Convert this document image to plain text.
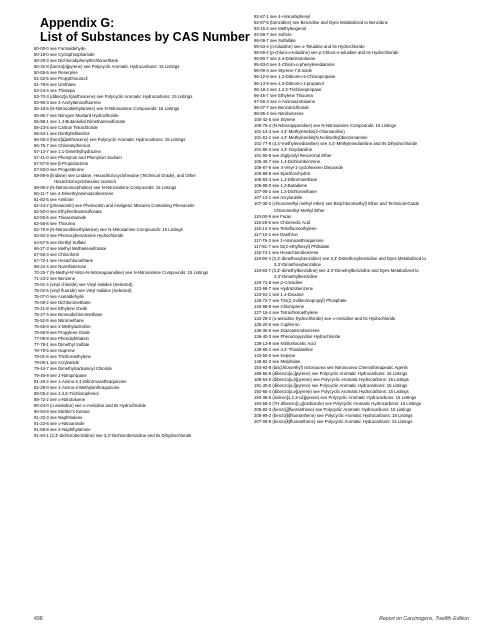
Appendix G:
List of Substances by CAS Number
50-00-0 see Formaldehyde
50-18-0 see Cyclophosphamide
50-29-3 see Dichlorodiphenyltrichloroethane
50-32-8 (benzo[a]pyrene) see Polycyclic Aromatic Hydrocarbons: 15 Listings
50-55-5 see Reserpine
51-52-5 see Propylthiouracil
51-79-6 see Urethane
52-24-4 see Thiotepa
53-70-3 (dibenz[a,h]anthracene) see Polycyclic Aromatic Hydrocarbons: 15 Listings
53-96-3 see 2-Acetylaminofluorene
55-18-5 (N-Nitrosodiethylamine) see N-Nitrosamine Compounds: 15 Listings
55-86-7 see Nitrogen Mustard Hydrochloride
55-98-1 see 1,4-Butanediol Dimethanesulfonate
56-23-5 see Carbon Tetrachloride
56-53-1 see Diethylstilbestrol
56-55-3 (benz[a]anthracene) see Polycyclic Aromatic Hydrocarbons: 15 Listings
56-75-7 see Chloramphenicol
57-14-7 see 1,1-Dimethylhydrazine
57-41-0 see Phenytoin and Phenytoin Sodium
57-57-8 see β-Propiolactone
57-83-0 see Progesterone
58-89-9 (lindane) see Lindane, Hexachlorocyclohexane (Technical Grade), and Other
Hexachlorocyclohexane Isomers
59-89-2 (N-Nitrosomorpholine) see N-Nitrosamine Compounds: 15 Listings
60-11-7 see 4-Dimethylaminoazobenzene
61-82-5 see Amitrole
62-44-2 (phenacetin) see Phenacetin and Analgesic Mixtures Containing Phenacetin
62-50-0 see Ethylmethanesulfonate
62-55-5 see Thioacetamide
62-56-6 see Thiourea
62-75-9 (N-Nitrosodimethylamine) see N-Nitrosamine Compounds: 15 Listings
63-92-3 see Phenoxybenzamine Hydrochloride
64-67-5 see Diethyl Sulfate
66-27-3 see Methyl Methanesulfonate
67-66-3 see Chloroform
67-72-1 see Hexachloroethane
68-22-4 see Norethisterone
70-25-7 (N-Methyl-N'-Nitro-N-Nitrosoguanidine) see N-Nitrosamine Compounds: 15 Listings
71-43-2 see Benzene
75-01-4 (vinyl chloride) see Vinyl Halides (Selected)
75-02-5 (vinyl fluoride) see Vinyl Halides (Selected)
75-07-0 see Acetaldehyde
75-09-2 see Dichloromethane
75-21-8 see Ethylene Oxide
75-27-4 see Bromodichloromethane
75-52-5 see Nitromethane
75-55-8 see 2-Methylaziridine
75-56-9 see Propylene Oxide
77-09-8 see Phenolphthalein
77-78-1 see Dimethyl Sulfate
78-79-5 see Isoprene
79-01-6 see Trichloroethylene
79-06-1 see Acrylamide
79-44-7 see Dimethylcarbamoyl Chloride
79-46-9 see 2-Nitropropane
81-49-2 see 1-Amino-2,4-Dibromoanthraquinone
82-28-0 see 1-Amino-2-Methylanthraquinone
88-06-2 see 2,4,6-Trichlorophenol
88-72-2 see o-Nitrotoluene
90-04-0 (o-anisidine) see o-Anisidine and Its Hydrochloride
90-94-8 see Michler's Ketone
91-20-3 see Naphthalene
91-23-6 see o-Nitroanisole
91-59-8 see 2-Naphthylamine
91-94-1 (3,3'-dichlorobenzidine) see 3,3'-Dichlorobenzidine and Its Dihydrochloride
92-67-1 see 4-Aminobiphenyl
92-87-5 (benzidine) see Benzidine and Dyes Metabolized to Benzidine
93-15-2 see Methyleugenol
94-59-7 see Safrole
95-06-7 see Sulfallate
95-53-4 (o-toluidine) see o-Toluidine and Its Hydrochloride
95-69-2 (p-chloro-o-toluidine) see p-Chloro-o-toluidine and Its Hydrochloride
95-80-7 see 2,4-Diaminotoluene
95-83-0 see 4-Chloro-o-phenylenediamine
96-09-3 see Styrene-7,8-oxide
96-12-8 see 1,2-Dibromo-3-Chloropropane
96-13-9 see 2,3-Dibromo-1-propanol
96-18-4 see 1,2,3-Trichloropropane
96-45-7 see Ethylene Thiourea
97-56-3 see o-Aminoazotoluene
98-07-7 see Benzotrichloride
98-95-3 see Nitrobenzene
100-42-5 see Styrene
100-75-4 (N-Nitrosopiperidine) see N-Nitrosamine Compounds: 15 Listings
101-14-4 see 4,4'-Methylenebis(2-chloroaniline)
101-61-1 see 4,4'-Methylenebis(N,N-dimethyl)benzenamine
101-77-9 (4,4'-methylenedianiline) see 4,4'-Methylenedianiline and Its Dihydrochloride
101-80-4 see 4,4'-Oxydianiline
101-90-6 see Diglycidyl Resorcinol Ether
106-46-7 see 1,4-Dichlorobenzene
106-87-6 see 4-Vinyl-1-cyclohexene Diepoxide
106-89-8 see Epichlorohydrin
106-93-4 see 1,2-Dibromoethane
106-99-0 see 1,3-Butadiene
107-06-2 see 1,2-Dichloroethane
107-13-1 see Acrylonitrile
107-30-2 (chloromethyl methyl ether) see Bis(chloromethyl) Ether and Technical-Grade
Chloromethyl Methyl Ether
110-00-9 see Furan
115-28-6 see Chlorendic Acid
116-14-3 see Tetrafluoroethylene
117-10-2 see Danthron
117-79-3 see 2-Aminoanthraquinone
117-81-7 see Di(2-ethylhexyl) Phthalate
118-74-1 see Hexachlorobenzene
119-90-4 (3,3'-dimethoxybenzidine) see 3,3'-Dimethoxybenzidine and Dyes Metabolized to
3,3'-Dimethoxybenzidine
119-93-7 (3,3'-dimethylbenzidine) see 3,3'-Dimethylbenzidine and Dyes Metabolized to
3,3'-Dimethylbenzidine
120-71-8 see p-Cresidine
122-66-7 see Hydrazobenzene
123-91-1 see 1,4-Dioxane
126-72-7 see Tris(2,3-dibromopropyl) Phosphate
126-99-8 see Chloroprene
127-18-4 see Tetrachloroethylene
134-29-2 (o-anisidine hydrochloride) see o-Anisidine and Its Hydrochloride
135-20-6 see Cupferron
136-35-6 see Diazoaminobenzene
136-40-3 see Phenazopyridine Hydrochloride
139-13-9 see Nitrilotriacetic Acid
139-65-1 see 4,4'-Thiodianiline
143-50-0 see Kepone
148-82-3 see Melphalan
154-93-8 (bis(chloroethyl) nitrosourea see Nitrosourea Chemotherapeutic Agents
189-55-9 (dibenzo[a,i]pyrene) see Polycyclic Aromatic Hydrocarbons: 15 Listings
189-64-0 (dibenzo[a,h]pyrene) see Polycyclic Aromatic Hydrocarbons: 15 Listings
191-30-0 (dibenzo[a,l]pyrene) see Polycyclic Aromatic Hydrocarbons: 15 Listings
192-65-4 (dibenzo[a,e]pyrene) see Polycyclic Aromatic Hydrocarbons: 15 Listings
193-39-5 (indeno[1,2,3-cd]pyrene) see Polycyclic Aromatic Hydrocarbons: 15 Listings
194-59-2 (7H-dibenzo[c,g]carbazole) see Polycyclic Aromatic Hydrocarbons: 15 Listings
205-82-3 (benzo[j]fluoranthene) see Polycyclic Aromatic Hydrocarbons: 15 Listings
205-99-2 (benzo[b]fluoranthene) see Polycyclic Aromatic Hydrocarbons: 15 Listings
207-08-9 (benzo[k]fluoranthene) see Polycyclic Aromatic Hydrocarbons: 15 Listings
498	Report on Carcinogens, Twelfth Edition
